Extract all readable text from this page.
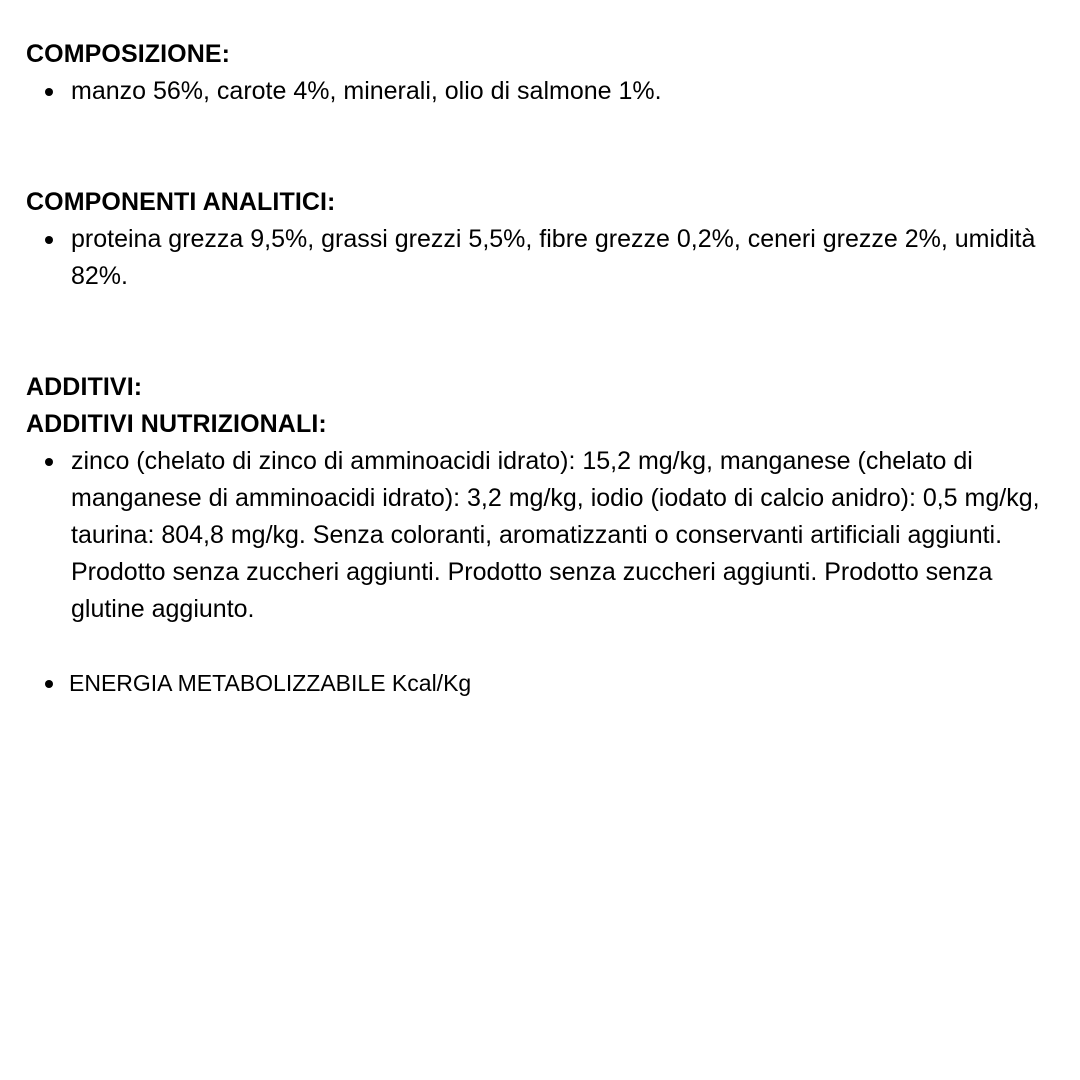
COMPOSIZIONE:
manzo 56%, carote 4%, minerali, olio di salmone 1%.
COMPONENTI ANALITICI:
proteina grezza 9,5%, grassi grezzi 5,5%, fibre grezze 0,2%, ceneri grezze 2%, umidità 82%.
ADDITIVI:
ADDITIVI NUTRIZIONALI:
zinco (chelato di zinco di amminoacidi idrato): 15,2 mg/kg, manganese (chelato di manganese di amminoacidi idrato): 3,2 mg/kg, iodio (iodato di calcio anidro): 0,5 mg/kg, taurina: 804,8 mg/kg. Senza coloranti, aromatizzanti o conservanti artificiali aggiunti. Prodotto senza zuccheri aggiunti. Prodotto senza zuccheri aggiunti. Prodotto senza glutine aggiunto.
ENERGIA METABOLIZZABILE Kcal/Kg
